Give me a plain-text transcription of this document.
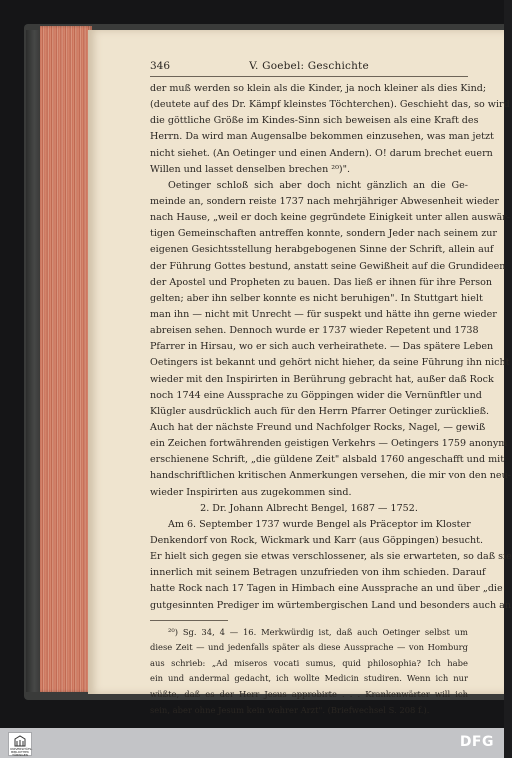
346	V. Goebel: Geschichte
der muß werden so klein als die Kinder, ja noch kleiner als dies Kind;
(deutete auf des Dr. Kämpf kleinstes Töchterchen). Geschieht das, so wird
die göttliche Größe im Kindes-Sinn sich beweisen als eine Kraft des
Herrn. Da wird man Augensalbe bekommen einzusehen, was man jetzt
nicht siehet. (An Oetinger und einen Andern). O! darum brechet euern
Willen und lasset denselben brechen ²⁰)".
Oetinger schloß sich aber doch nicht gänzlich an die Ge-
meinde an, sondern reiste 1737 nach mehrjähriger Abwesenheit wieder
nach Hause, „weil er doch keine gegründete Einigkeit unter allen auswär-
tigen Gemeinschaften antreffen konnte, sondern Jeder nach seinem zur
eigenen Gesichtsstellung herabgebogenen Sinne der Schrift, allein auf
der Führung Gottes bestund, anstatt seine Gewißheit auf die Grundideen
der Apostel und Propheten zu bauen. Das ließ er ihnen für ihre Person
gelten; aber ihn selber konnte es nicht beruhigen". In Stuttgart hielt
man ihn — nicht mit Unrecht — für suspekt und hätte ihn gerne wieder
abreisen sehen. Dennoch wurde er 1737 wieder Repetent und 1738
Pfarrer in Hirsau, wo er sich auch verheirathete. — Das spätere Leben
Oetingers ist bekannt und gehört nicht hieher, da seine Führung ihn nicht
wieder mit den Inspirirten in Berührung gebracht hat, außer daß Rock
noch 1744 eine Aussprache zu Göppingen wider die Vernünftler und
Klügler ausdrücklich auch für den Herrn Pfarrer Oetinger zurückließ.
Auch hat der nächste Freund und Nachfolger Rocks, Nagel, — gewiß
ein Zeichen fortwährenden geistigen Verkehrs — Oetingers 1759 anonym
erschienene Schrift, „die güldene Zeit" alsbald 1760 angeschafft und mit
handschriftlichen kritischen Anmerkungen versehen, die mir von den neu-
wieder Inspirirten aus zugekommen sind.
2. Dr. Johann Albrecht Bengel, 1687 — 1752.
Am 6. September 1737 wurde Bengel als Präceptor im Kloster
Denkendorf von Rock, Wickmark und Karr (aus Göppingen) besucht.
Er hielt sich gegen sie etwas verschlossener, als sie erwarteten, so daß sie
innerlich mit seinem Betragen unzufrieden von ihm schieden. Darauf
hatte Rock nach 17 Tagen in Himbach eine Aussprache an und über „die
gutgesinnten Prediger im würtembergischen Land und besonders auch an
²⁰) Sg. 34, 4 — 16. Merkwürdig ist, daß auch Oetinger selbst um
diese Zeit — und jedenfalls später als diese Aussprache — von Homburg
aus schrieb: „Ad miseros vocati sumus, quid philosophia? Ich habe
ein und andermal gedacht, ich wollte Medicin studiren. Wenn ich nur
wüßte, daß es der Herr Jesus approbirte . . . Krankenwärter will ich
sein, aber ohne Jesum kein wahrer Arzt". (Briefwechsel S. 208 f.).
UNIVERSITÄTS-BIBLIOTHEK TÜBINGEN
DFG
